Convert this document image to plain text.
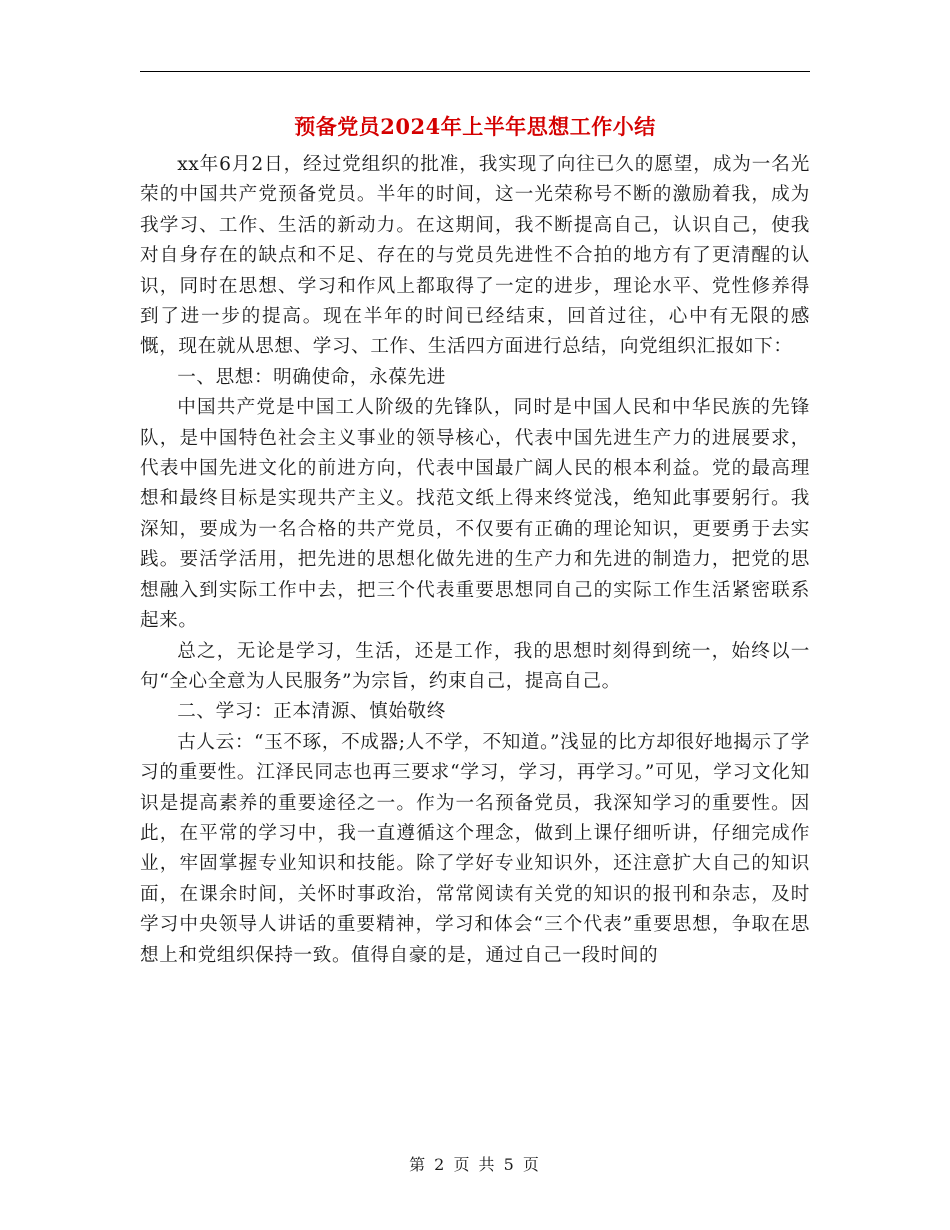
预备党员2024年上半年思想工作小结

xx年6月2日，经过党组织的批准，我实现了向往已久的愿望，成为一名光荣的中国共产党预备党员。半年的时间，这一光荣称号不断的激励着我，成为我学习、工作、生活的新动力。在这期间，我不断提高自己，认识自己，使我对自身存在的缺点和不足、存在的与党员先进性不合拍的地方有了更清醒的认识，同时在思想、学习和作风上都取得了一定的进步，理论水平、党性修养得到了进一步的提高。现在半年的时间已经结束，回首过往，心中有无限的感慨，现在就从思想、学习、工作、生活四方面进行总结，向党组织汇报如下：

一、思想：明确使命，永葆先进

中国共产党是中国工人阶级的先锋队，同时是中国人民和中华民族的先锋队，是中国特色社会主义事业的领导核心，代表中国先进生产力的进展要求，代表中国先进文化的前进方向，代表中国最广阔人民的根本利益。党的最高理想和最终目标是实现共产主义。找范文纸上得来终觉浅，绝知此事要躬行。我深知，要成为一名合格的共产党员，不仅要有正确的理论知识，更要勇于去实践。要活学活用，把先进的思想化做先进的生产力和先进的制造力，把党的思想融入到实际工作中去，把三个代表重要思想同自己的实际工作生活紧密联系起来。

总之，无论是学习，生活，还是工作，我的思想时刻得到统一，始终以一句“全心全意为人民服务”为宗旨，约束自己，提高自己。

二、学习：正本清源、慎始敬终

古人云：“玉不琢，不成器;人不学，不知道。”浅显的比方却很好地揭示了学习的重要性。江泽民同志也再三要求“学习，学习，再学习。”可见，学习文化知识是提高素养的重要途径之一。作为一名预备党员，我深知学习的重要性。因此，在平常的学习中，我一直遵循这个理念，做到上课仔细听讲，仔细完成作业，牢固掌握专业知识和技能。除了学好专业知识外，还注意扩大自己的知识面，在课余时间，关怀时事政治，常常阅读有关党的知识的报刊和杂志，及时学习中央领导人讲话的重要精神，学习和体会“三个代表”重要思想，争取在思想上和党组织保持一致。值得自豪的是，通过自己一段时间的

第 2 页 共 5 页
